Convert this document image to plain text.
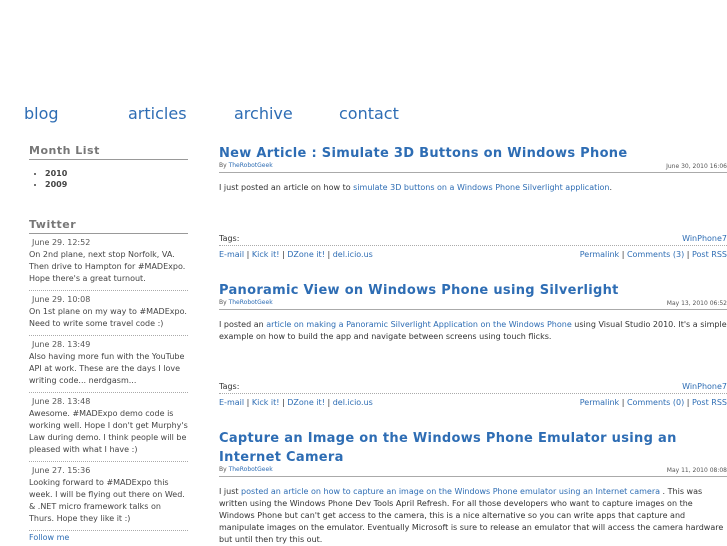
blog	articles	archive	contact
Month List
• 2010
• 2009
Twitter
June 29. 12:52
On 2nd plane, next stop Norfolk, VA. Then drive to Hampton for #MADExpo. Hope there's a great turnout.
June 29. 10:08
On 1st plane on my way to #MADExpo. Need to write some travel code :)
June 28. 13:49
Also having more fun with the YouTube API at work. These are the days I love writing code... nerdgasm...
June 28. 13:48
Awesome. #MADExpo demo code is working well. Hope I don't get Murphy's Law during demo. I think people will be pleased with what I have :)
June 27. 15:36
Looking forward to #MADExpo this week. I will be flying out there on Wed. & .NET micro framework talks on Thurs. Hope they like it :)
Follow me
New Article : Simulate 3D Buttons on Windows Phone
By TheRobotGeek	June 30, 2010 16:06
I just posted an article on how to simulate 3D buttons on a Windows Phone Silverlight application.
Tags:	WinPhone7
E-mail | Kick it! | DZone it! | del.icio.us	Permalink | Comments (3) | Post RSS
Panoramic View on Windows Phone using Silverlight
By TheRobotGeek	May 13, 2010 06:52
I posted an article on making a Panoramic Silverlight Application on the Windows Phone using Visual Studio 2010. It's a simple example on how to build the app and navigate between screens using touch flicks.
Tags:	WinPhone7
E-mail | Kick it! | DZone it! | del.icio.us	Permalink | Comments (0) | Post RSS
Capture an Image on the Windows Phone Emulator using an Internet Camera
By TheRobotGeek	May 11, 2010 08:08
I just posted an article on how to capture an image on the Windows Phone emulator using an Internet camera . This was written using the Windows Phone Dev Tools April Refresh. For all those developers who want to capture images on the Windows Phone but can't get access to the camera, this is a nice alternative so you can write apps that capture and manipulate images on the emulator. Eventually Microsoft is sure to release an emulator that will access the camera hardware but until then try this out.
